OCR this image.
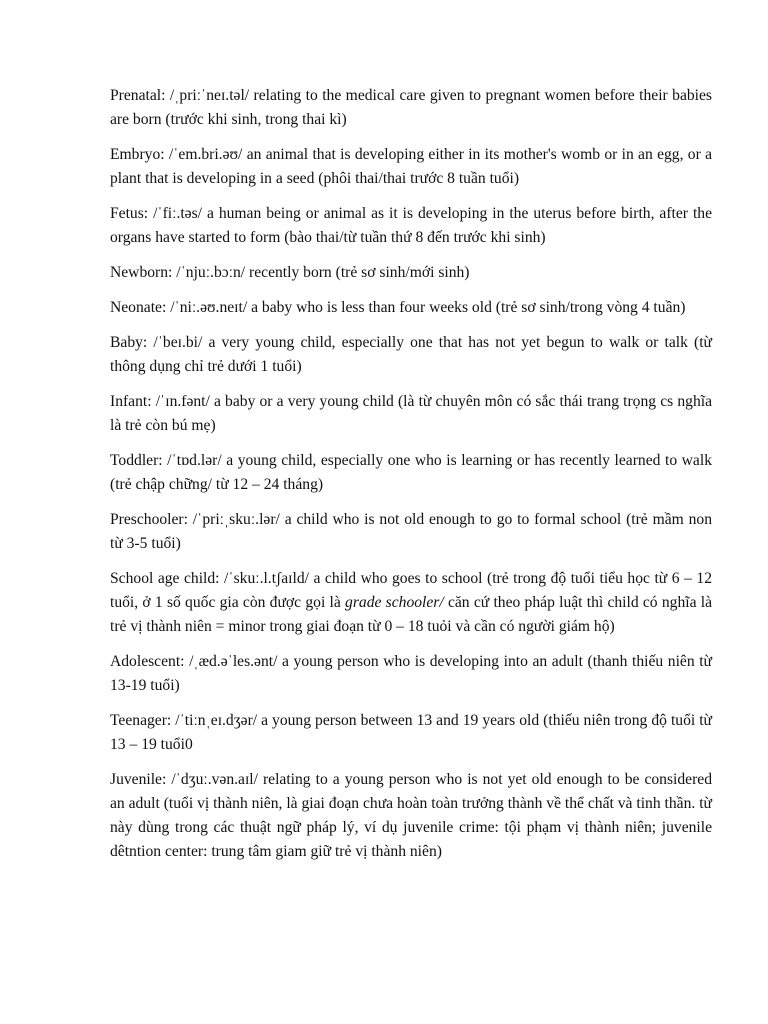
Prenatal: /ˌpriːˈneɪ.təl/ relating to the medical care given to pregnant women before their babies are born (trước khi sinh, trong thai kì)

Embryo: /ˈem.bri.əʊ/ an animal that is developing either in its mother's womb or in an egg, or a plant that is developing in a seed (phôi thai/thai trước 8 tuần tuổi)

Fetus: /ˈfiː.təs/ a human being or animal as it is developing in the uterus before birth, after the organs have started to form (bào thai/từ tuần thứ 8 đến trước khi sinh)

Newborn: /ˈnjuː.bɔːn/ recently born (trẻ sơ sinh/mới sinh)

Neonate: /ˈniː.əʊ.neɪt/ a baby who is less than four weeks old (trẻ sơ sinh/trong vòng 4 tuần)

Baby: /ˈbeɪ.bi/ a very young child, especially one that has not yet begun to walk or talk (từ thông dụng chỉ trẻ dưới 1 tuổi)

Infant: /ˈɪn.fənt/ a baby or a very young child (là từ chuyên môn có sắc thái trang trọng cs nghĩa là trẻ còn bú mẹ)

Toddler: /ˈtɒd.lər/ a young child, especially one who is learning or has recently learned to walk (trẻ chập chững/ từ 12 – 24 tháng)

Preschooler: /ˈpriːˌskuː.lər/ a child who is not old enough to go to formal school (trẻ mầm non từ 3-5 tuổi)

School age child: /ˈskuː.l.tʃaɪld/ a child who goes to school (trẻ trong độ tuổi tiểu học từ 6 – 12 tuổi, ở 1 số quốc gia còn được gọi là grade schooler/ căn cứ theo pháp luật thì child có nghĩa là trẻ vị thành niên = minor trong giai đoạn từ 0 – 18 tuỏi và cần có người giám hộ)

Adolescent: /ˌæd.əˈles.ənt/ a young person who is developing into an adult (thanh thiếu niên từ 13-19 tuổi)

Teenager: /ˈtiːnˌeɪ.dʒər/ a young person between 13 and 19 years old (thiếu niên trong độ tuổi từ 13 – 19 tuổi0

Juvenile: /ˈdʒuː.vən.aɪl/ relating to a young person who is not yet old enough to be considered an adult (tuổi vị thành niên, là giai đoạn chưa hoàn toàn trưởng thành về thể chất và tinh thần. từ này dùng trong các thuật ngữ pháp lý, ví dụ juvenile crime: tội phạm vị thành niên; juvenile dêtntion center: trung tâm giam giữ trẻ vị thành niên)
